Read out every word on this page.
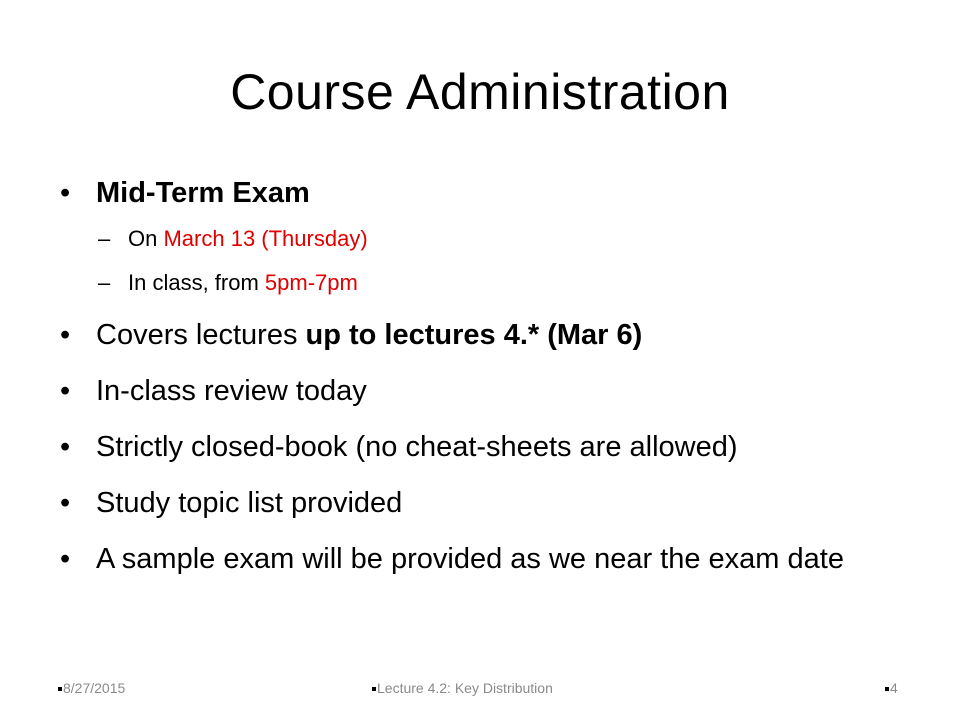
Course Administration
• Mid-Term Exam
– On March 13 (Thursday)
– In class, from 5pm-7pm
• Covers lectures up to lectures 4.* (Mar 6)
• In-class review today
• Strictly closed-book (no cheat-sheets are allowed)
• Study topic list provided
• A sample exam will be provided as we near the exam date
8/27/2015	Lecture 4.2: Key Distribution	4
